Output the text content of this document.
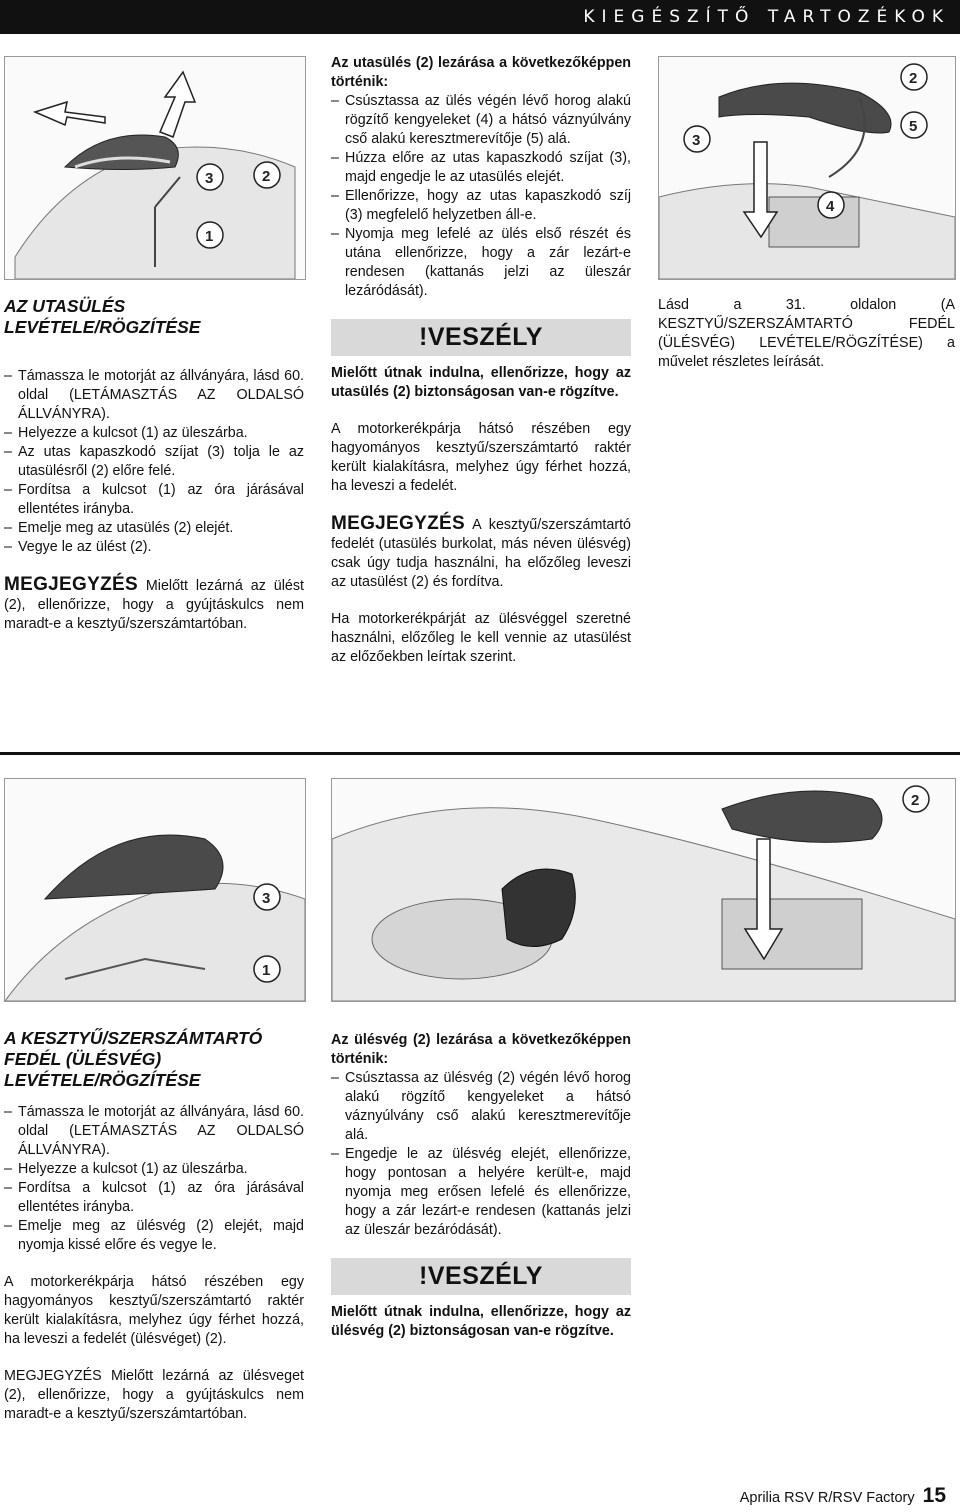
KIEGÉSZÍTŐ TARTOZÉKOK
3	2
1
AZ UTASÜLÉS
LEVÉTELE/RÖGZÍTÉSE
– Támassza le motorját az állványára, lásd 60. oldal (LETÁMASZTÁS AZ OLDALSÓ ÁLLVÁNYRA).
– Helyezze a kulcsot (1) az üleszárba.
– Az utas kapaszkodó szíjat (3) tolja le az utasülésről (2) előre felé.
– Fordítsa a kulcsot (1) az óra járásával ellentétes irányba.
– Emelje meg az utasülés (2) elejét.
– Vegye le az ülést (2).
MEGJEGYZÉS Mielőtt lezárná az ülést (2), ellenőrizze, hogy a gyújtáskulcs nem maradt-e a kesztyű/szerszámtartóban.
Az utasülés (2) lezárása a következőképpen történik:
– Csúsztassa az ülés végén lévő horog alakú rögzítő kengyeleket (4) a hátsó váznyúlvány cső alakú keresztmerevítője (5) alá.
– Húzza előre az utas kapaszkodó szíjat (3), majd engedje le az utasülés elejét.
– Ellenőrizze, hogy az utas kapaszkodó szíj (3) megfelelő helyzetben áll-e.
– Nyomja meg lefelé az ülés első részét és utána ellenőrizze, hogy a zár lezárt-e rendesen (kattanás jelzi az üleszár lezáródását).
!VESZÉLY
Mielőtt útnak indulna, ellenőrizze, hogy az utasülés (2) biztonságosan van-e rögzítve.
A motorkerékpárja hátsó részében egy hagyományos kesztyű/szerszámtartó raktér került kialakításra, melyhez úgy férhet hozzá, ha leveszi a fedelét.
MEGJEGYZÉS A kesztyű/szerszámtartó fedelét (utasülés burkolat, más néven ülésvég) csak úgy tudja használni, ha előzőleg leveszi az utasülést (2) és fordítva.
Ha motorkerékpárját az ülésvéggel szeretné használni, előzőleg le kell vennie az utasülést az előzőekben leírtak szerint.
2
5
3
4
Lásd a 31. oldalon (A KESZTYŰ/SZERSZÁMTARTÓ FEDÉL (ÜLÉSVÉG) LEVÉTELE/RÖGZÍTÉSE) a művelet részletes leírását.
3
1
2
A KESZTYŰ/SZERSZÁMTARTÓ
FEDÉL (ÜLÉSVÉG)
LEVÉTELE/RÖGZÍTÉSE
– Támassza le motorját az állványára, lásd 60. oldal (LETÁMASZTÁS AZ OLDALSÓ ÁLLVÁNYRA).
– Helyezze a kulcsot (1) az üleszárba.
– Fordítsa a kulcsot (1) az óra járásával ellentétes irányba.
– Emelje meg az ülésvég (2) elejét, majd nyomja kissé előre és vegye le.
A motorkerékpárja hátsó részében egy hagyományos kesztyű/szerszámtartó raktér került kialakításra, melyhez úgy férhet hozzá, ha leveszi a fedelét (ülésvéget) (2).
MEGJEGYZÉS Mielőtt lezárná az ülésveget (2), ellenőrizze, hogy a gyújtáskulcs nem maradt-e a kesztyű/szerszámtartóban.
Az ülésvég (2) lezárása a következőképpen történik:
– Csúsztassa az ülésvég (2) végén lévő horog alakú rögzítő kengyeleket a hátsó váznyúlvány cső alakú keresztmerevítője alá.
– Engedje le az ülésvég elejét, ellenőrizze, hogy pontosan a helyére került-e, majd nyomja meg erősen lefelé és ellenőrizze, hogy a zár lezárt-e rendesen (kattanás jelzi az üleszár bezáródását).
!VESZÉLY
Mielőtt útnak indulna, ellenőrizze, hogy az ülésvég (2) biztonságosan van-e rögzítve.
Aprilia RSV R/RSV Factory 15
